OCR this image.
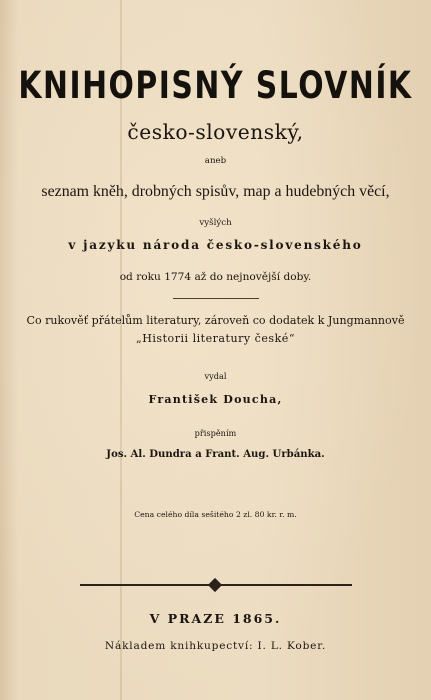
KNIHOPISNÝ SLOVNÍK
česko-slovenský,
aneb
seznam kněh, drobných spisův, map a hudebných věcí,
vyšlých
v jazyku národa česko-slovenského
od roku 1774 až do nejnovější doby.
Co rukověť přátelům literatury, zároveň co dodatek k Jungmannově
„Historii literatury české“
vydal
František Doucha,
přispěním
Jos. Al. Dundra a Frant. Aug. Urbánka.
Cena celého díla sešitého 2 zl. 80 kr. r. m.
V PRAZE 1865.
Nákladem knihkupectví: I. L. Kober.
